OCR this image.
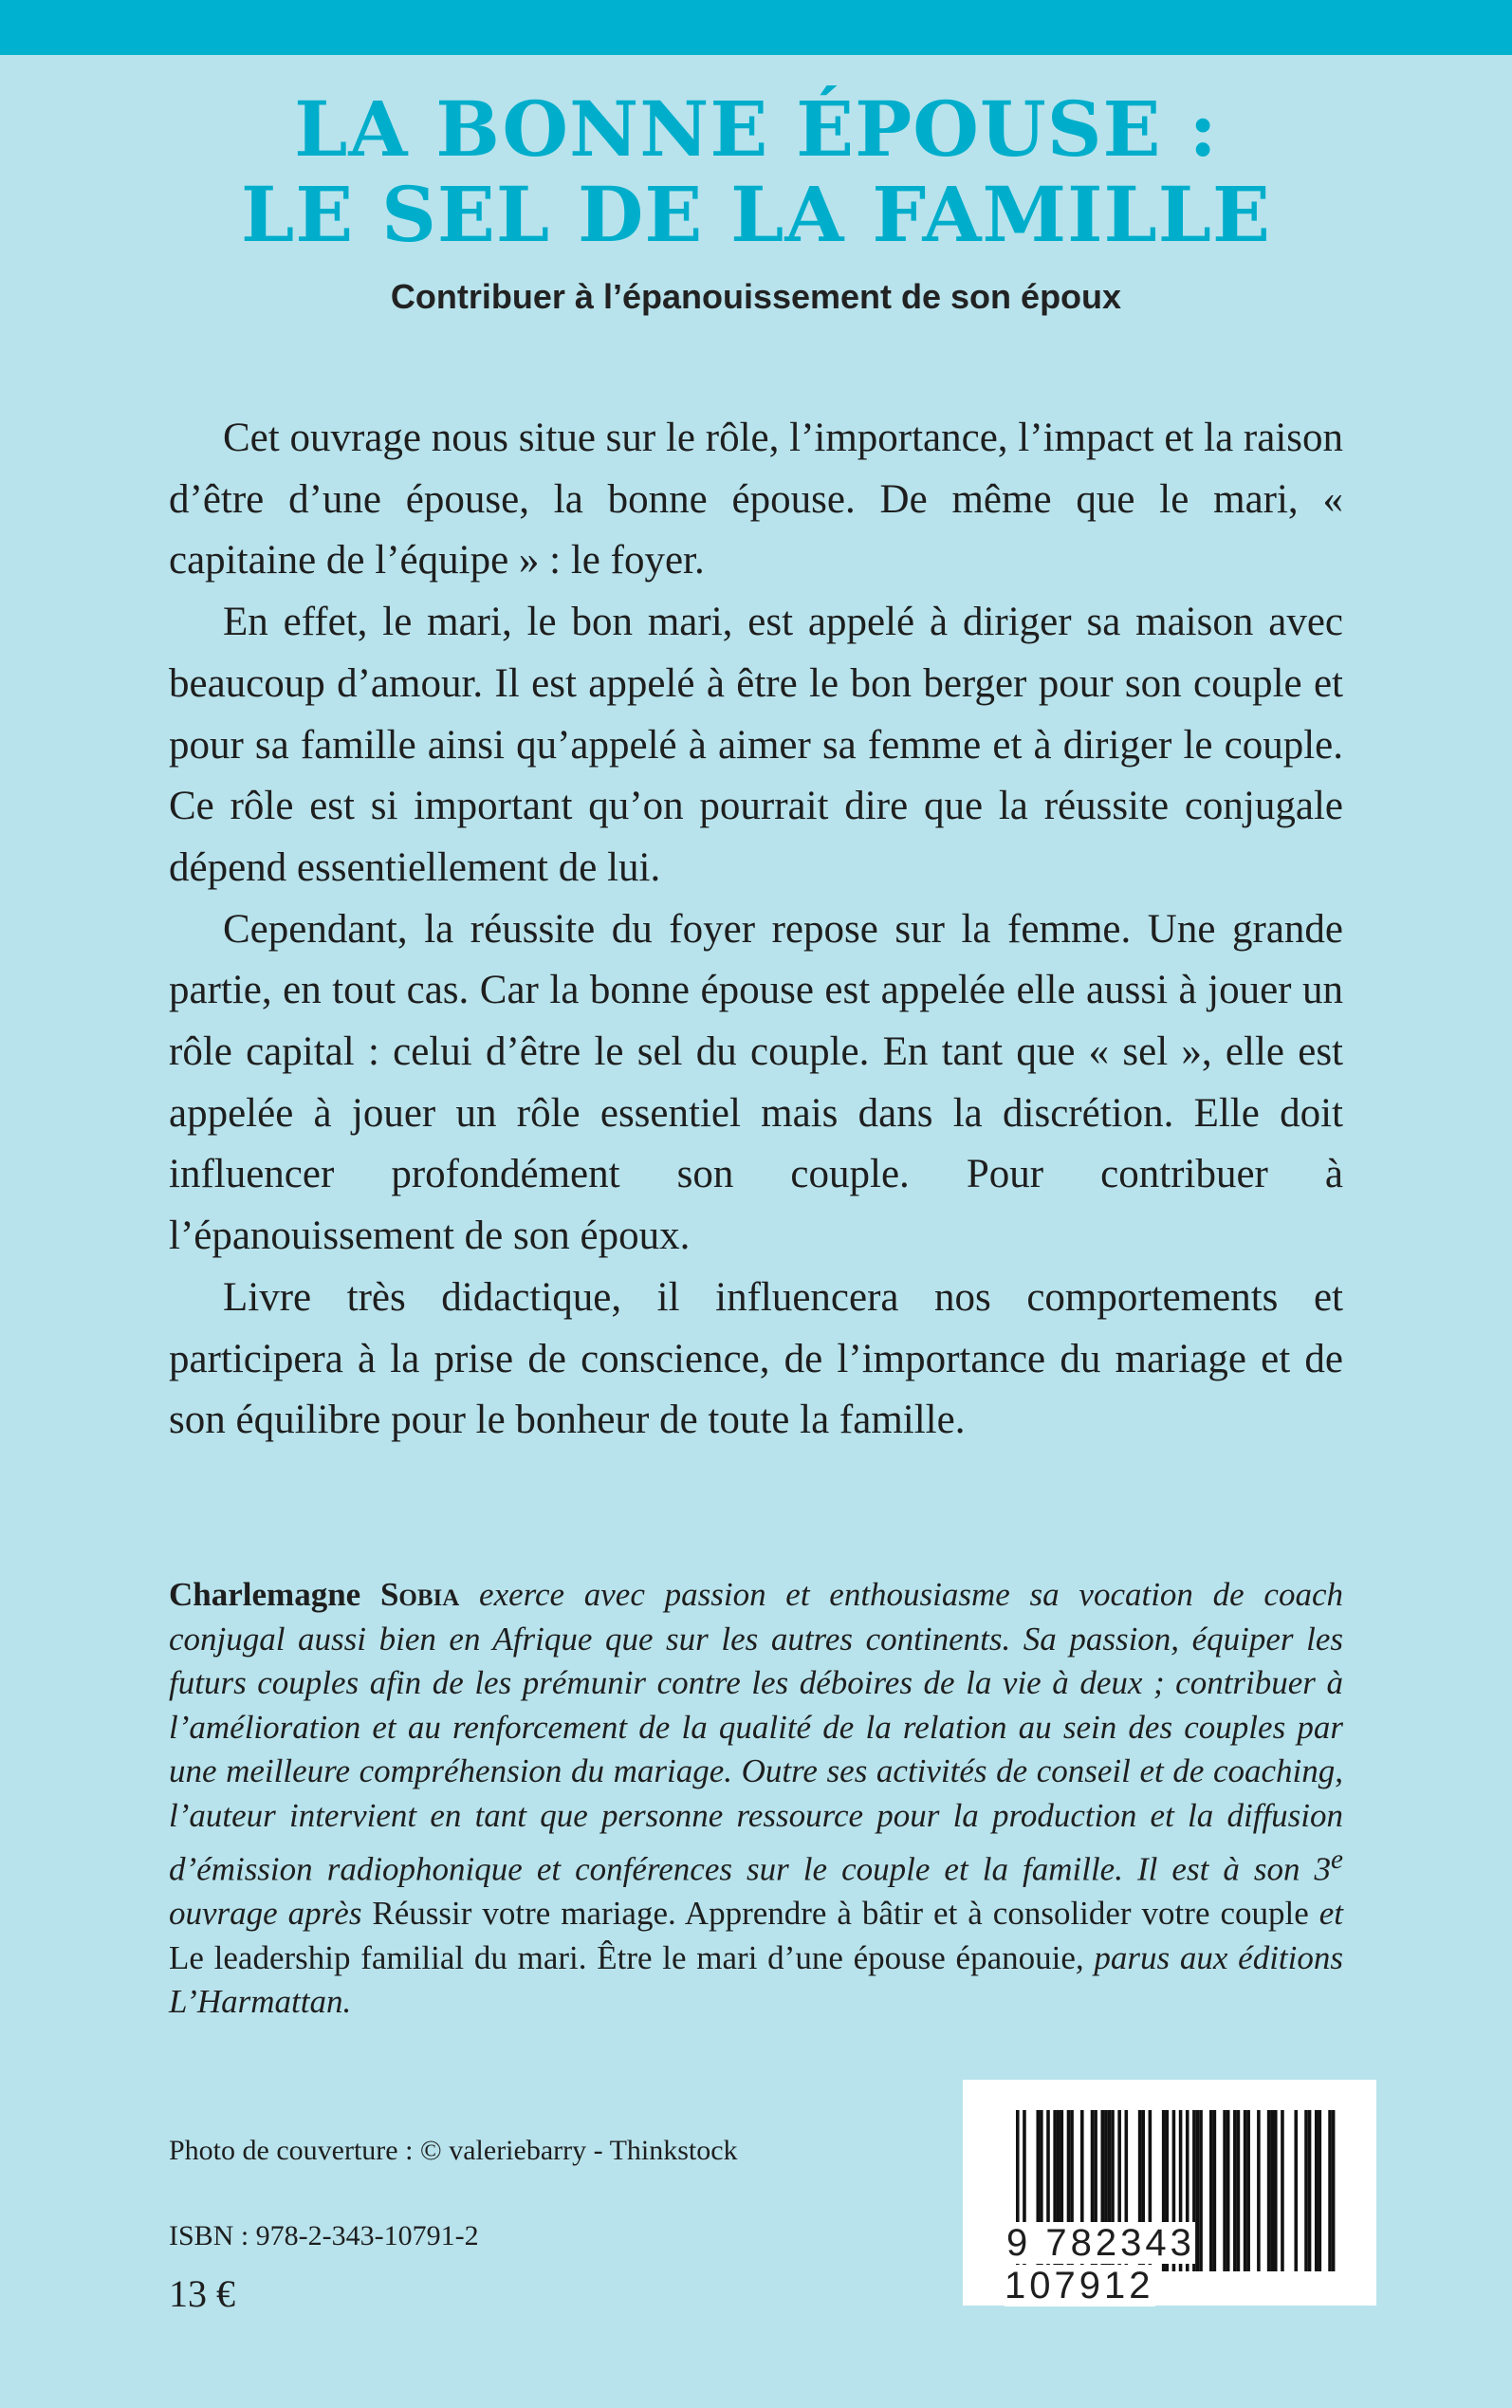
LA BONNE ÉPOUSE :
LE SEL DE LA FAMILLE
Contribuer à l’épanouissement de son époux

Cet ouvrage nous situe sur le rôle, l’importance, l’impact et la raison d’être d’une épouse, la bonne épouse. De même que le mari, « capitaine de l’équipe » : le foyer.

En effet, le mari, le bon mari, est appelé à diriger sa maison avec beaucoup d’amour. Il est appelé à être le bon berger pour son couple et pour sa famille ainsi qu’appelé à aimer sa femme et à diriger le couple. Ce rôle est si important qu’on pourrait dire que la réussite conjugale dépend essentiellement de lui.

Cependant, la réussite du foyer repose sur la femme. Une grande partie, en tout cas. Car la bonne épouse est appelée elle aussi à jouer un rôle capital : celui d’être le sel du couple. En tant que « sel », elle est appelée à jouer un rôle essentiel mais dans la discrétion. Elle doit influencer profondément son couple. Pour contribuer à l’épanouissement de son époux.

Livre très didactique, il influencera nos comportements et participera à la prise de conscience, de l’importance du mariage et de son équilibre pour le bonheur de toute la famille.

Charlemagne Sobia exerce avec passion et enthousiasme sa vocation de coach conjugal aussi bien en Afrique que sur les autres continents. Sa passion, équiper les futurs couples afin de les prémunir contre les déboires de la vie à deux ; contribuer à l’amélioration et au renforcement de la qualité de la relation au sein des couples par une meilleure compréhension du mariage. Outre ses activités de conseil et de coaching, l’auteur intervient en tant que personne ressource pour la production et la diffusion d’émission radiophonique et conférences sur le couple et la famille. Il est à son 3e ouvrage après Réussir votre mariage. Apprendre à bâtir et à consolider votre couple et Le leadership familial du mari. Être le mari d’une épouse épanouie, parus aux éditions L’Harmattan.
Photo de couverture : © valeriebarry - Thinkstock
ISBN : 978-2-343-10791-2
13 €
9 782343 107912
